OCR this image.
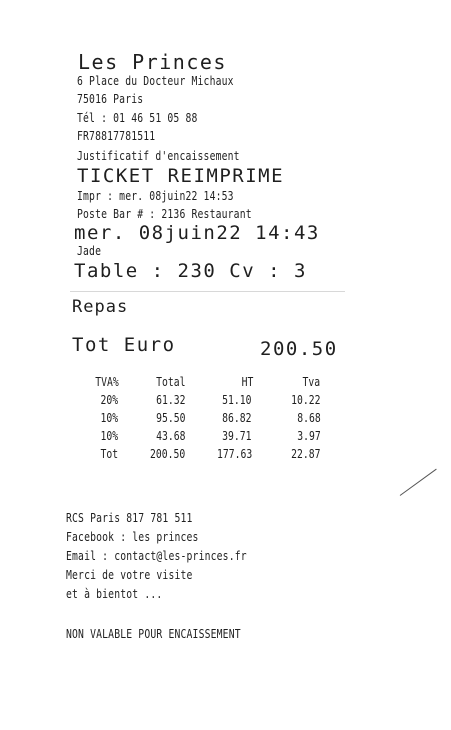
Les Princes
6 Place du Docteur Michaux
75016 Paris
Tél : 01 46 51 05 88
FR78817781511
Justificatif d'encaissement
TICKET REIMPRIME
Impr : mer. 08juin22 14:53
Poste Bar # : 2136 Restaurant
mer. 08juin22 14:43
Jade
Table : 230 Cv : 3
Repas
Tot Euro	200.50
TVA%	Total	HT	Tva
20%	61.32	51.10	10.22
10%	95.50	86.82	8.68
10%	43.68	39.71	3.97
Tot	200.50	177.63	22.87
RCS Paris 817 781 511
Facebook : les princes
Email : contact@les-princes.fr
Merci de votre visite
et à bientot ...
NON VALABLE POUR ENCAISSEMENT
